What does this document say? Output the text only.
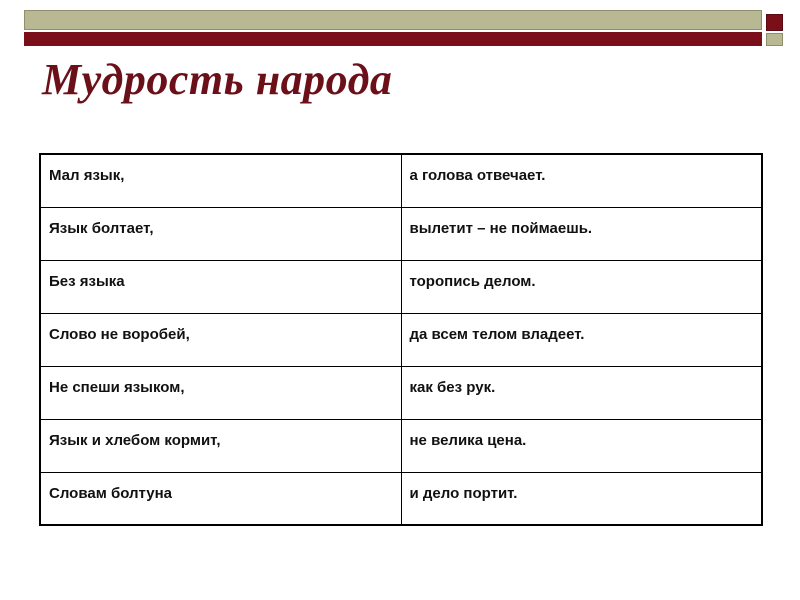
Мудрость народа
Мал язык,	а голова отвечает.

Язык болтает,	вылетит – не поймаешь.

Без языка	торопись делом.

Слово не воробей,	да всем телом владеет.

Не спеши языком,	как без рук.

Язык и хлебом кормит,	не велика цена.

Словам болтуна	и дело портит.
